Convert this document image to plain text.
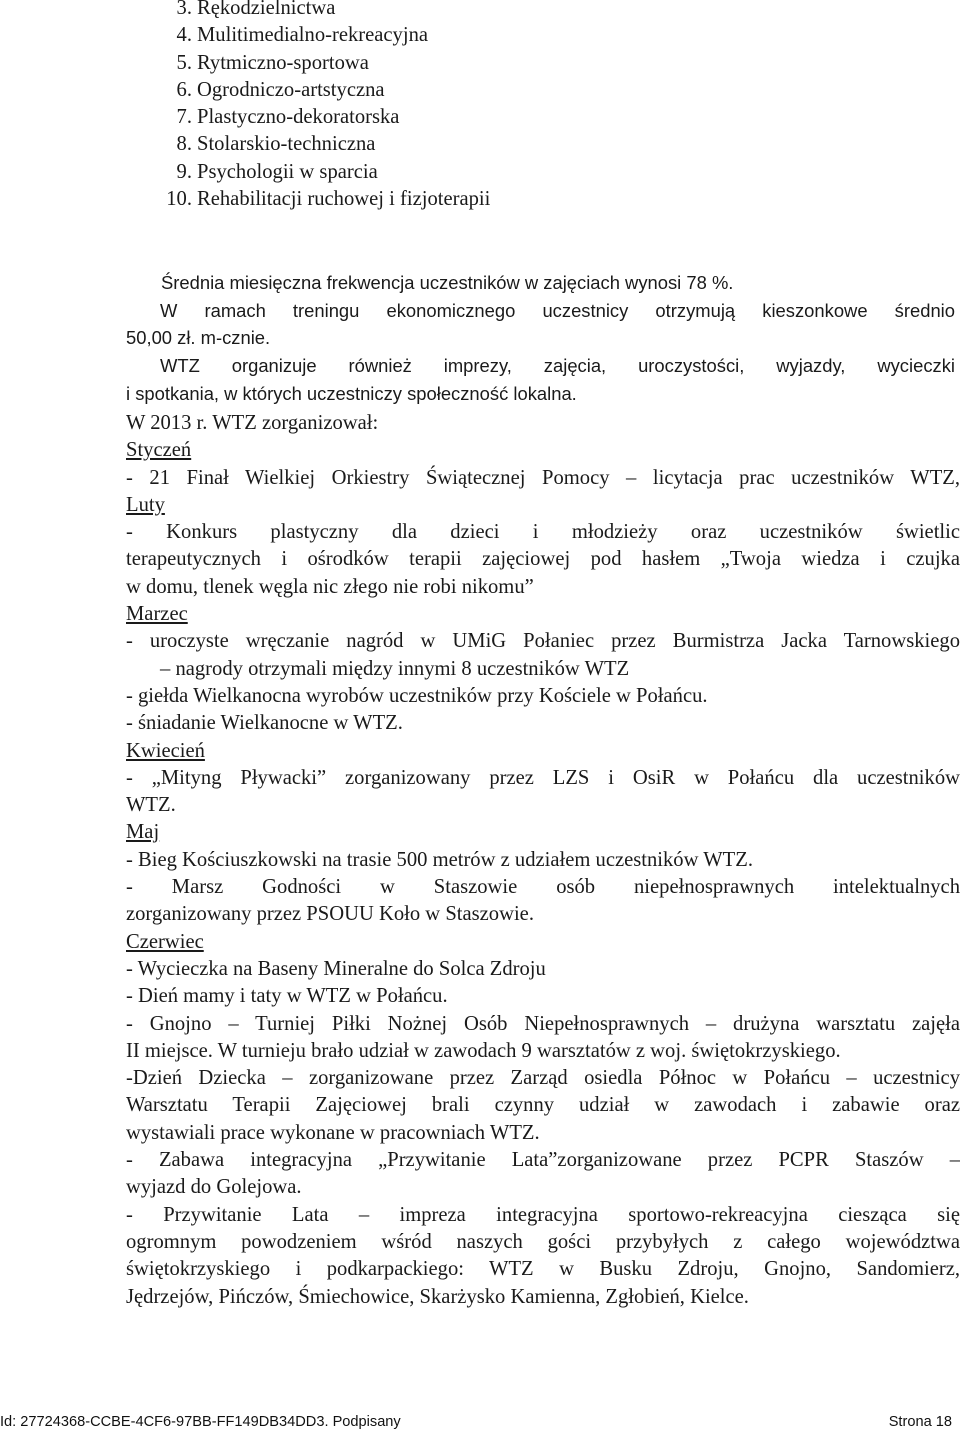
3. Rękodzielnictwa
4. Mulitimedialno-rekreacyjna
5. Rytmiczno-sportowa
6. Ogrodniczo-artstyczna
7. Plastyczno-dekoratorska
8. Stolarskio-techniczna
9. Psychologii w sparcia
10. Rehabilitacji ruchowej i fizjoterapii
Średnia miesięczna frekwencja uczestników w zajęciach wynosi 78 %.
W ramach treningu ekonomicznego uczestnicy otrzymują kieszonkowe średnio
50,00 zł. m-cznie.
WTZ organizuje również imprezy, zajęcia, uroczystości, wyjazdy, wycieczki
i spotkania, w których uczestniczy społeczność lokalna.
W 2013 r. WTZ zorganizował:
Styczeń
- 21 Finał Wielkiej Orkiestry Świątecznej Pomocy – licytacja prac uczestników WTZ,
Luty
- Konkurs plastyczny dla dzieci i młodzieży oraz uczestników świetlic
terapeutycznych i ośrodków terapii zajęciowej pod hasłem „Twoja wiedza i czujka
w domu, tlenek węgla nic złego nie robi nikomu”
Marzec
- uroczyste wręczanie nagród w UMiG Połaniec przez Burmistrza Jacka Tarnowskiego
– nagrody otrzymali między innymi 8 uczestników WTZ
- giełda Wielkanocna wyrobów uczestników przy Kościele w Połańcu.
- śniadanie Wielkanocne w WTZ.
Kwiecień
- „Mityng Pływacki” zorganizowany przez LZS i OsiR w Połańcu dla uczestników
WTZ.
Maj
- Bieg Kościuszkowski na trasie 500 metrów z udziałem uczestników WTZ.
- Marsz Godności w Staszowie osób niepełnosprawnych intelektualnych
zorganizowany przez PSOUU Koło w Staszowie.
Czerwiec
- Wycieczka na Baseny Mineralne do Solca Zdroju
- Dień mamy i taty w WTZ w Połańcu.
- Gnojno – Turniej Piłki Nożnej Osób Niepełnosprawnych – drużyna warsztatu zajęła
II miejsce. W turnieju brało udział w zawodach 9 warsztatów z woj. świętokrzyskiego.
-Dzień Dziecka – zorganizowane przez Zarząd osiedla Północ w Połańcu – uczestnicy
Warsztatu Terapii Zajęciowej brali czynny udział w zawodach i zabawie oraz
wystawiali prace wykonane w pracowniach WTZ.
- Zabawa integracyjna „Przywitanie Lata”zorganizowane przez PCPR Staszów –
wyjazd do Golejowa.
- Przywitanie Lata – impreza integracyjna sportowo-rekreacyjna ciesząca się
ogromnym powodzeniem wśród naszych gości przybyłych z całego województwa
świętokrzyskiego i podkarpackiego: WTZ w Busku Zdroju, Gnojno, Sandomierz,
Jędrzejów, Pińczów, Śmiechowice, Skarżysko Kamienna, Zgłobień, Kielce.
Id: 27724368-CCBE-4CF6-97BB-FF149DB34DD3. Podpisany	Strona 18
